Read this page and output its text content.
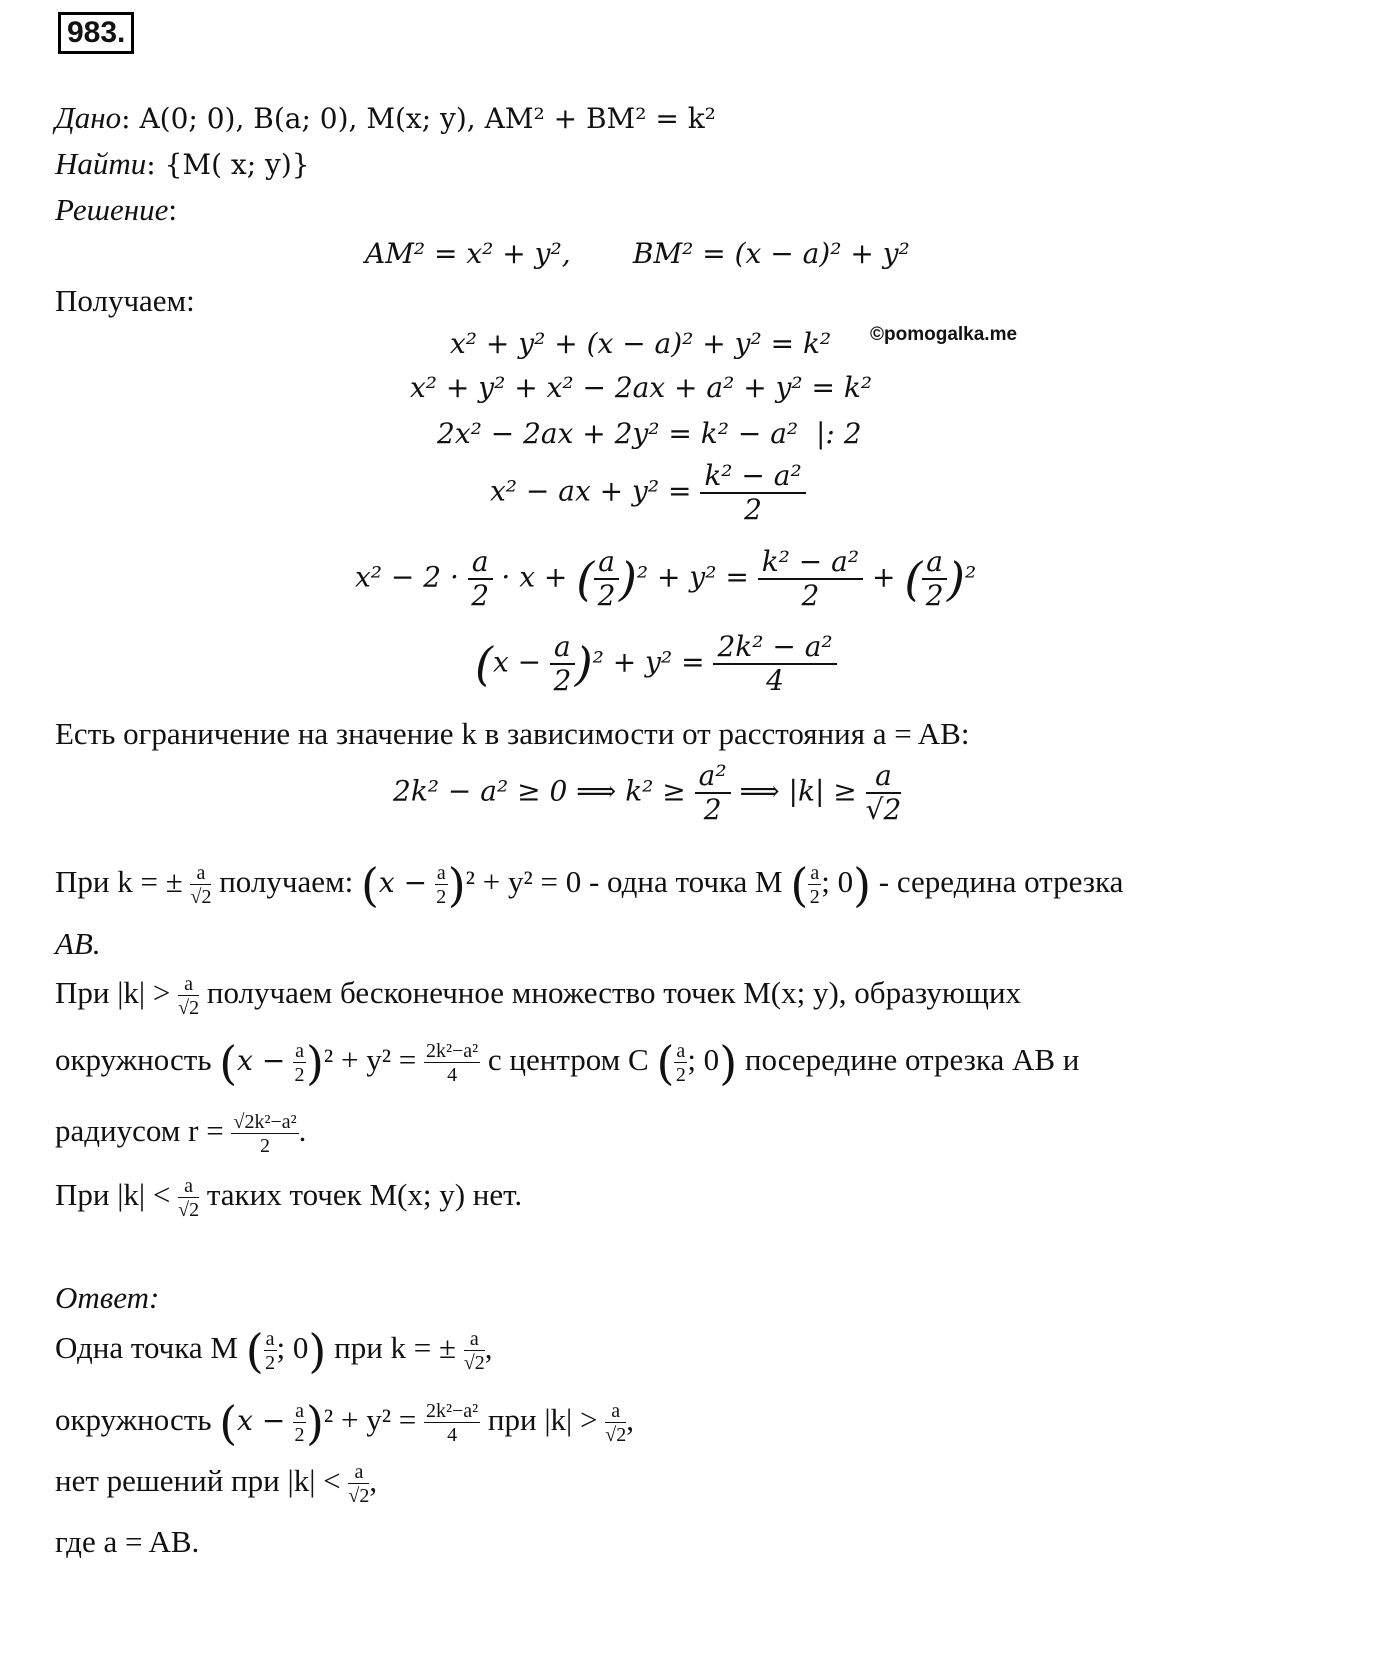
983.
Дано: A(0; 0), B(a; 0), M(x; y), AM² + BM² = k²
Найти: {M( x; y)}
Решение:
AM² = x² + y²,       BM² = (x − a)² + y²
Получаем:
x² + y² + (x − a)² + y² = k² ©pomogalka.me
x² + y² + x² − 2ax + a² + y² = k²
2x² − 2ax + 2y² = k² − a²  |: 2
x² − ax + $y^2 = \frac{\text{k² − a²}}{2}$
$x^2 - 2 \cdot \frac{a}{2} \cdot x$ + ( $\frac{a}{2} )^2 + y^2 = \frac{\text{k² − a²}}{2}$ + ( $\frac{a}{2} )^2$
$(x - \frac{a}{2} )^2 + y^2 = \frac{\text{2k² − a²}}{4}$
Есть ограничение на значение k в зависимости от расстояния a = AB:
2k² − a² ≥ 0 ⟹ $k^2 \ge \frac{\text{a²}}{2}$ ⟹ $|k| \ge \frac{a}{√2}$
При k = ± $\frac{a}{√2}$ получаем: $(x - \frac{a}{2} )^2 + y^2 = 0$ - одна точка M ( $\frac{a}{2}$ ; 0) - середина отрезка
AB.
При $|k| > \frac{a}{√2}$ получаем бесконечное множество точек M(x; y), образующих
окружность $(x - \frac{a}{2} )^2 + y^2 = \frac{\text{2k²−a²}}{4}$ с центром C ( $\frac{a}{2}$ ; 0) посередине отрезка AB и
радиусом $r = \frac{\text{√2k²−a²}}{2}$ .
При $|k| < \frac{a}{√2}$ таких точек M(x; y) нет.
Ответ:
Одна точка M ( $\frac{a}{2}$ ; 0) при k = ± $\frac{a}{√2}$ ,
окружность $(x - \frac{a}{2} )^2 + y^2 = \frac{\text{2k²−a²}}{4}$ при $|k| > \frac{a}{√2}$ ,
нет решений при $|k| < \frac{a}{√2}$ ,
где a = AB.
